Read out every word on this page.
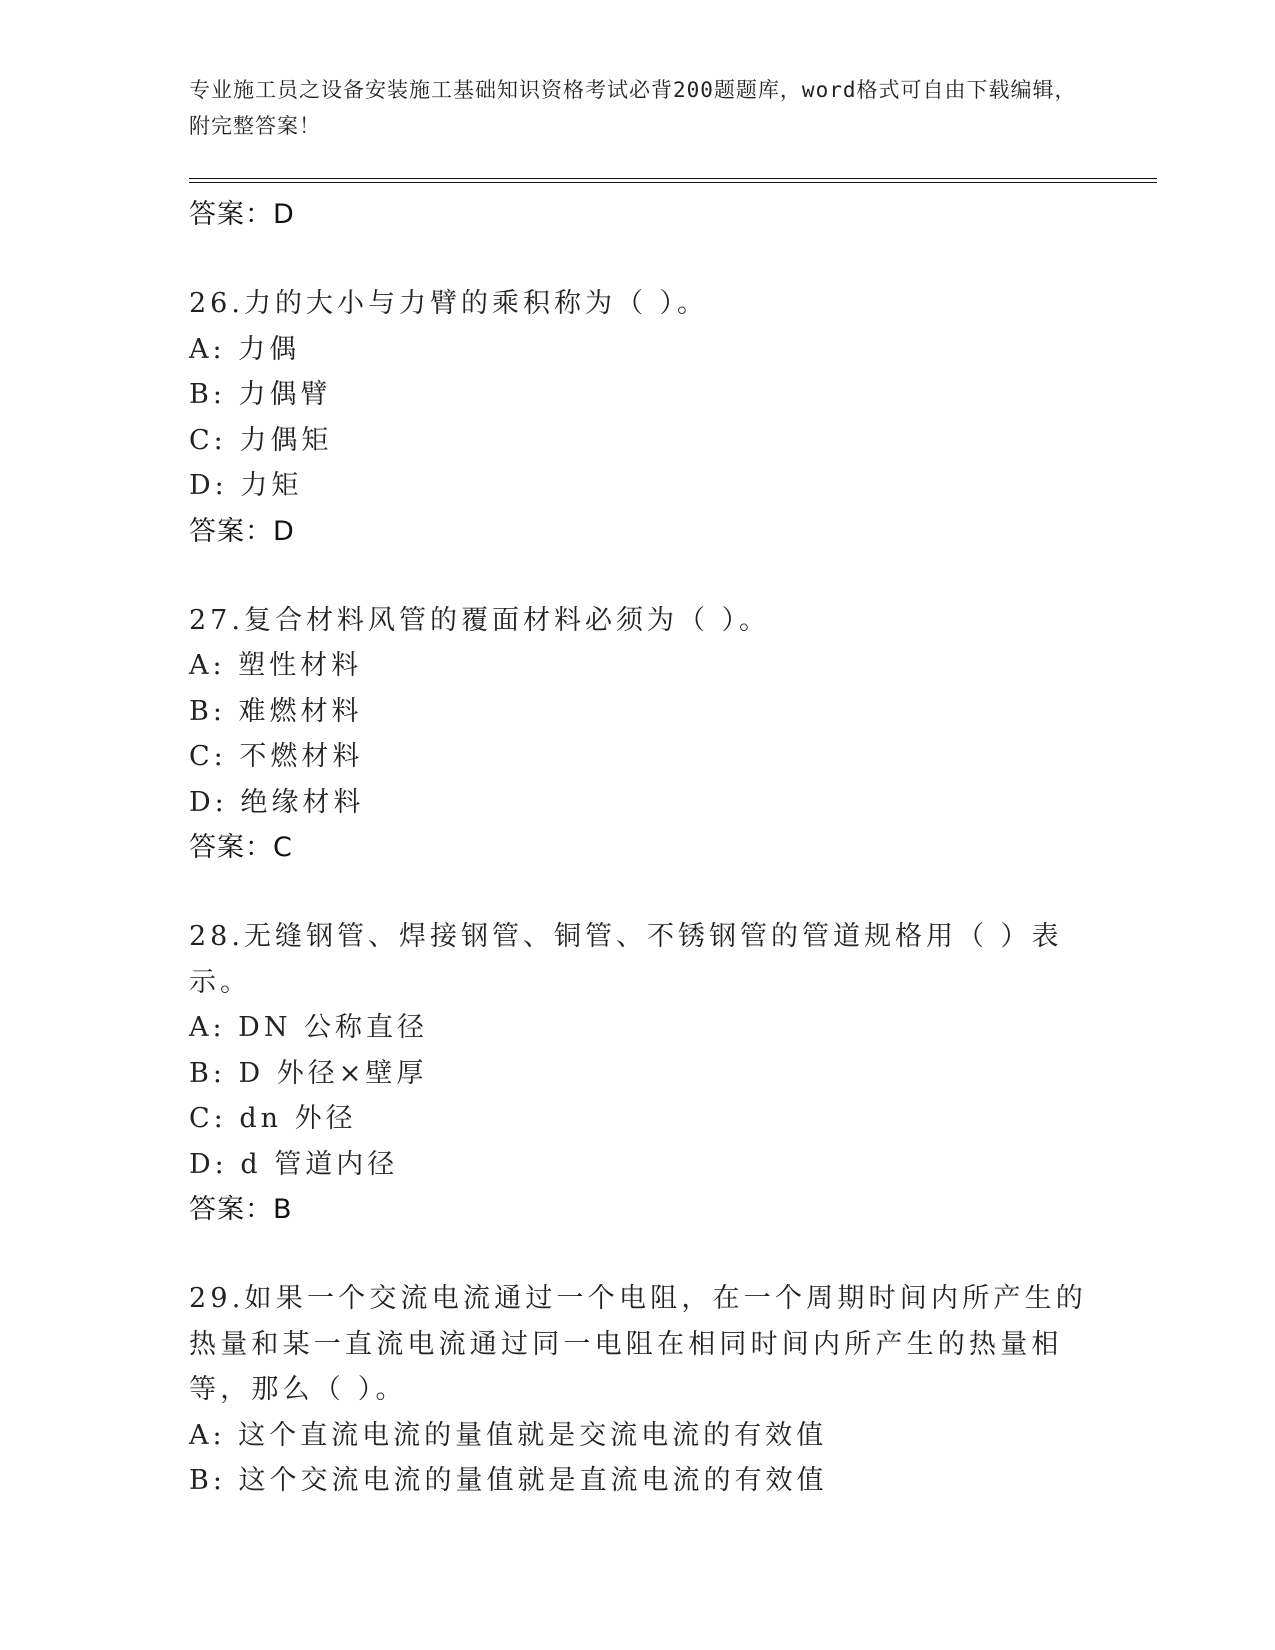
专业施工员之设备安装施工基础知识资格考试必背200题题库，word格式可自由下载编辑，附完整答案！
答案：D
26.力的大小与力臂的乘积称为（ ）。
A: 力偶
B: 力偶臂
C: 力偶矩
D: 力矩
答案：D
27.复合材料风管的覆面材料必须为（ ）。
A: 塑性材料
B: 难燃材料
C: 不燃材料
D: 绝缘材料
答案：C
28.无缝钢管、焊接钢管、铜管、不锈钢管的管道规格用（ ）表示。
A: DN 公称直径
B: D 外径×壁厚
C: dn 外径
D: d 管道内径
答案：B
29.如果一个交流电流通过一个电阻，在一个周期时间内所产生的热量和某一直流电流通过同一电阻在相同时间内所产生的热量相等，那么（ ）。
A: 这个直流电流的量值就是交流电流的有效值
B: 这个交流电流的量值就是直流电流的有效值
